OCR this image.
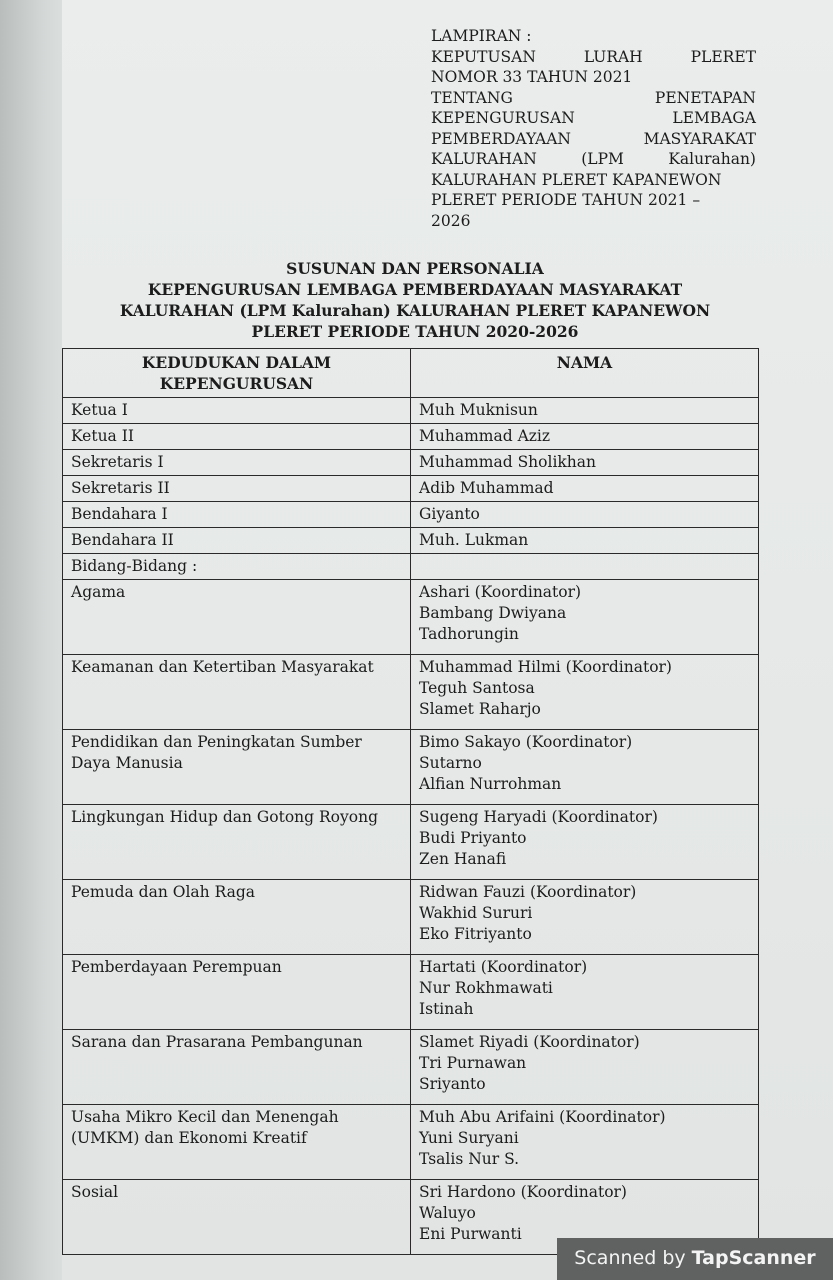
LAMPIRAN :
KEPUTUSAN	LURAH	PLERET
NOMOR 33 TAHUN 2021
TENTANG	PENETAPAN
KEPENGURUSAN	LEMBAGA
PEMBERDAYAAN	MASYARAKAT
KALURAHAN	(LPM	Kalurahan)
KALURAHAN PLERET KAPANEWON
PLERET PERIODE TAHUN 2021 –
2026
SUSUNAN DAN PERSONALIA
KEPENGURUSAN LEMBAGA PEMBERDAYAAN MASYARAKAT
KALURAHAN (LPM Kalurahan) KALURAHAN PLERET KAPANEWON
PLERET PERIODE TAHUN 2020-2026
KEDUDUKAN DALAM KEPENGURUSAN	NAMA
Ketua I	Muh Muknisun

Ketua II	Muhammad Aziz

Sekretaris I	Muhammad Sholikhan

Sekretaris II	Adib Muhammad

Bendahara I	Giyanto

Bendahara II	Muh. Lukman

Bidang-Bidang :	

Agama	Ashari (Koordinator)
Bambang Dwiyana
Tadhorungin

Keamanan dan Ketertiban Masyarakat	Muhammad Hilmi (Koordinator)
Teguh Santosa
Slamet Raharjo

Pendidikan dan Peningkatan Sumber Daya Manusia	Bimo Sakayo (Koordinator)
Sutarno
Alfian Nurrohman

Lingkungan Hidup dan Gotong Royong	Sugeng Haryadi (Koordinator)
Budi Priyanto
Zen Hanafi

Pemuda dan Olah Raga	Ridwan Fauzi (Koordinator)
Wakhid Sururi
Eko Fitriyanto

Pemberdayaan Perempuan	Hartati (Koordinator)
Nur Rokhmawati
Istinah

Sarana dan Prasarana Pembangunan	Slamet Riyadi (Koordinator)
Tri Purnawan
Sriyanto

Usaha Mikro Kecil dan Menengah (UMKM) dan Ekonomi Kreatif	Muh Abu Arifaini (Koordinator)
Yuni Suryani
Tsalis Nur S.

Sosial	Sri Hardono (Koordinator)
Waluyo
Eni Purwanti
Scanned by TapScanner
